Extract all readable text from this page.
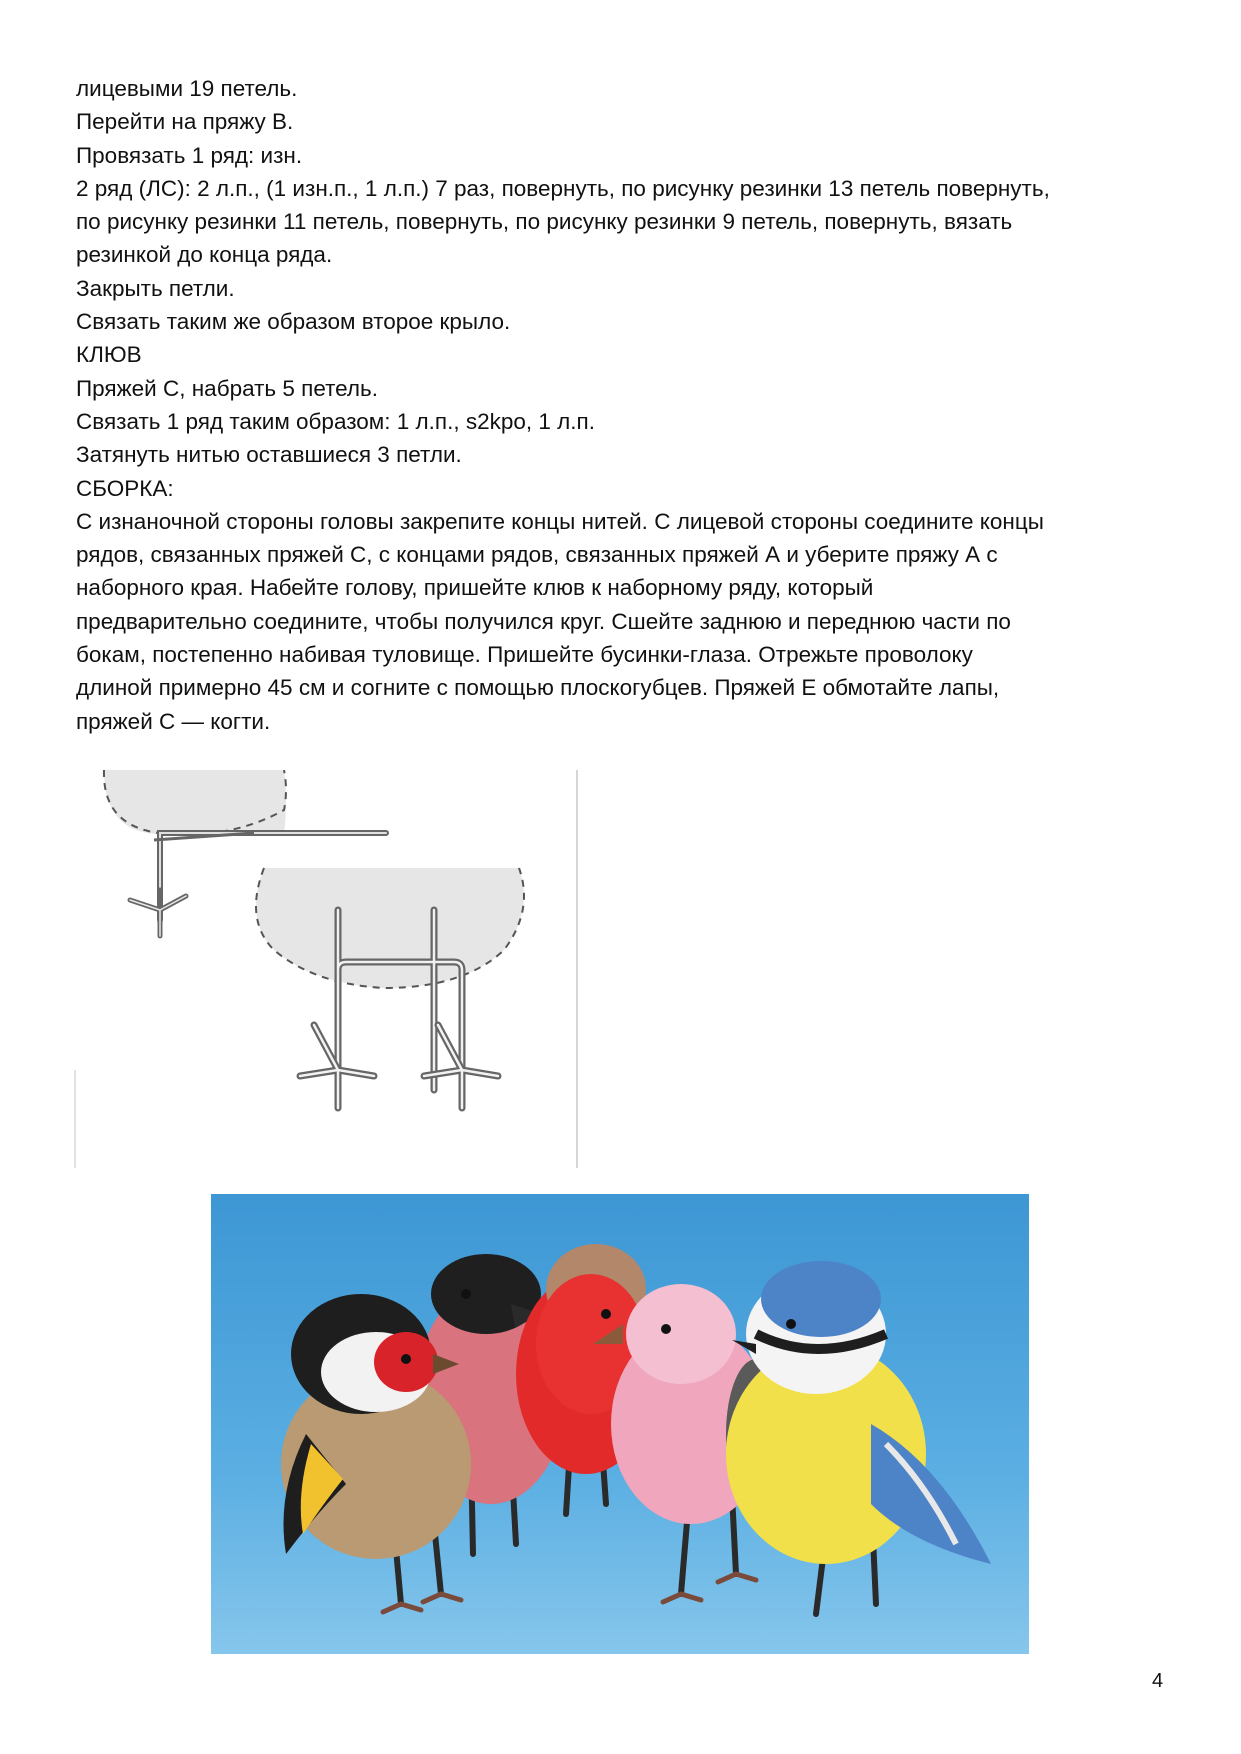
лицевыми 19 петель.

Перейти на пряжу В.

Провязать 1 ряд: изн.

2 ряд (ЛС): 2 л.п., (1 изн.п., 1 л.п.) 7 раз, повернуть, по рисунку резинки 13 петель повернуть,

по рисунку резинки 11 петель, повернуть, по рисунку резинки 9 петель, повернуть, вязать

резинкой до конца ряда.

Закрыть петли.

Связать таким же образом второе крыло.

КЛЮВ

Пряжей С, набрать 5 петель.

Связать 1 ряд таким образом: 1 л.п., s2kpo, 1 л.п.

Затянуть нитью оставшиеся 3 петли.

СБОРКА:

С изнаночной стороны головы закрепите концы нитей. С лицевой стороны соедините концы

рядов, связанных пряжей С, с концами рядов, связанных пряжей А и уберите пряжу А с

наборного края. Набейте голову, пришейте клюв к наборному ряду, который

предварительно соедините, чтобы получился круг. Сшейте заднюю и переднюю части по

бокам, постепенно набивая туловище. Пришейте бусинки-глаза. Отрежьте проволоку

длиной примерно 45 см и согните с помощью плоскогубцев. Пряжей Е обмотайте лапы,

пряжей С — когти.

4
